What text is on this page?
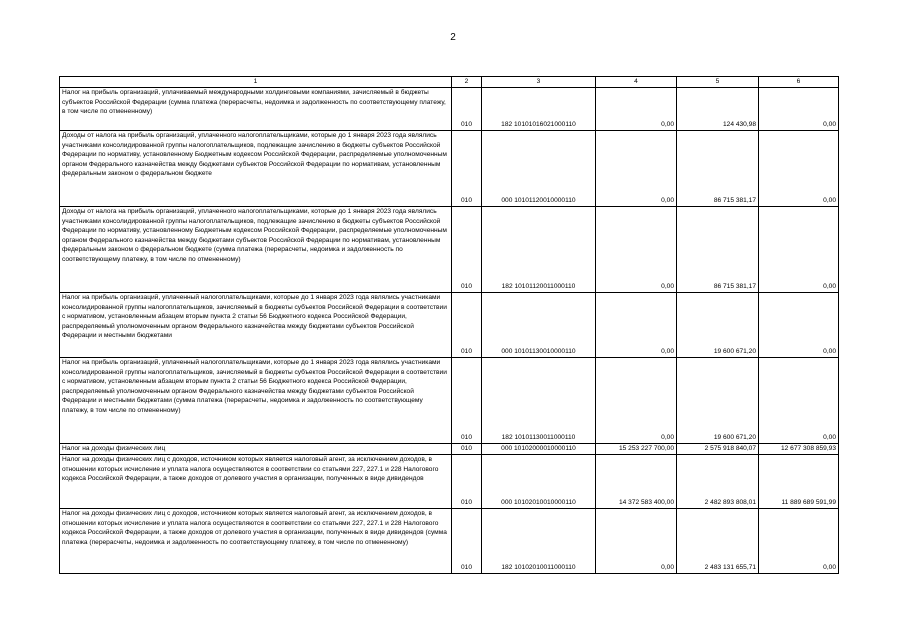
2
1	2	3	4	5	6
Налог на прибыль организаций, уплачиваемый международными холдинговыми компаниями, зачисляемый в бюджеты субъектов Российской Федерации (сумма платежа (перерасчеты, недоимка и задолженность по соответствующему платежу, в том числе по отмененному)	010	182 10101016021000110	0,00	124 430,98	0,00

Доходы от налога на прибыль организаций, уплаченного налогоплательщиками, которые до 1 января 2023 года являлись участниками консолидированной группы налогоплательщиков, подлежащие зачислению в бюджеты субъектов Российской Федерации по нормативу, установленному Бюджетным кодексом Российской Федерации, распределяемые уполномоченным органом Федерального казначейства между бюджетами субъектов Российской Федерации по нормативам, установленным федеральным законом о федеральном бюджете	010	000 10101120010000110	0,00	86 715 381,17	0,00

Доходы от налога на прибыль организаций, уплаченного налогоплательщиками, которые до 1 января 2023 года являлись участниками консолидированной группы налогоплательщиков, подлежащие зачислению в бюджеты субъектов Российской Федерации по нормативу, установленному Бюджетным кодексом Российской Федерации, распределяемые уполномоченным органом Федерального казначейства между бюджетами субъектов Российской Федерации по нормативам, установленным федеральным законом о федеральном бюджете (сумма платежа (перерасчеты, недоимка и задолженность по соответствующему платежу, в том числе по отмененному)	010	182 10101120011000110	0,00	86 715 381,17	0,00

Налог на прибыль организаций, уплаченный налогоплательщиками, которые до 1 января 2023 года являлись участниками консолидированной группы налогоплательщиков, зачисляемый в бюджеты субъектов Российской Федерации в соответствии с нормативом, установленным абзацем вторым пункта 2 статьи 56 Бюджетного кодекса Российской Федерации, распределяемый уполномоченным органом Федерального казначейства между бюджетами субъектов Российской Федерации и местными бюджетами	010	000 10101130010000110	0,00	19 600 671,20	0,00

Налог на прибыль организаций, уплаченный налогоплательщиками, которые до 1 января 2023 года являлись участниками консолидированной группы налогоплательщиков, зачисляемый в бюджеты субъектов Российской Федерации в соответствии с нормативом, установленным абзацем вторым пункта 2 статьи 56 Бюджетного кодекса Российской Федерации, распределяемый уполномоченным органом Федерального казначейства между бюджетами субъектов Российской Федерации и местными бюджетами (сумма платежа (перерасчеты, недоимка и задолженность по соответствующему платежу, в том числе по отмененному)	010	182 10101130011000110	0,00	19 600 671,20	0,00

Налог на доходы физических лиц	010	000 10102000010000110	15 253 227 700,00	2 575 918 840,07	12 677 308 859,93

Налог на доходы физических лиц с доходов, источником которых является налоговый агент, за исключением доходов, в отношении которых исчисление и уплата налога осуществляются в соответствии со статьями 227, 227.1 и 228 Налогового кодекса Российской Федерации, а также доходов от долевого участия в организации, полученных в виде дивидендов	010	000 10102010010000110	14 372 583 400,00	2 482 893 808,01	11 889 689 591,99

Налог на доходы физических лиц с доходов, источником которых является налоговый агент, за исключением доходов, в отношении которых исчисление и уплата налога осуществляются в соответствии со статьями 227, 227.1 и 228 Налогового кодекса Российской Федерации, а также доходов от долевого участия в организации, полученных в виде дивидендов (сумма платежа (перерасчеты, недоимка и задолженность по соответствующему платежу, в том числе по отмененному)	010	182 10102010011000110	0,00	2 483 131 655,71	0,00
